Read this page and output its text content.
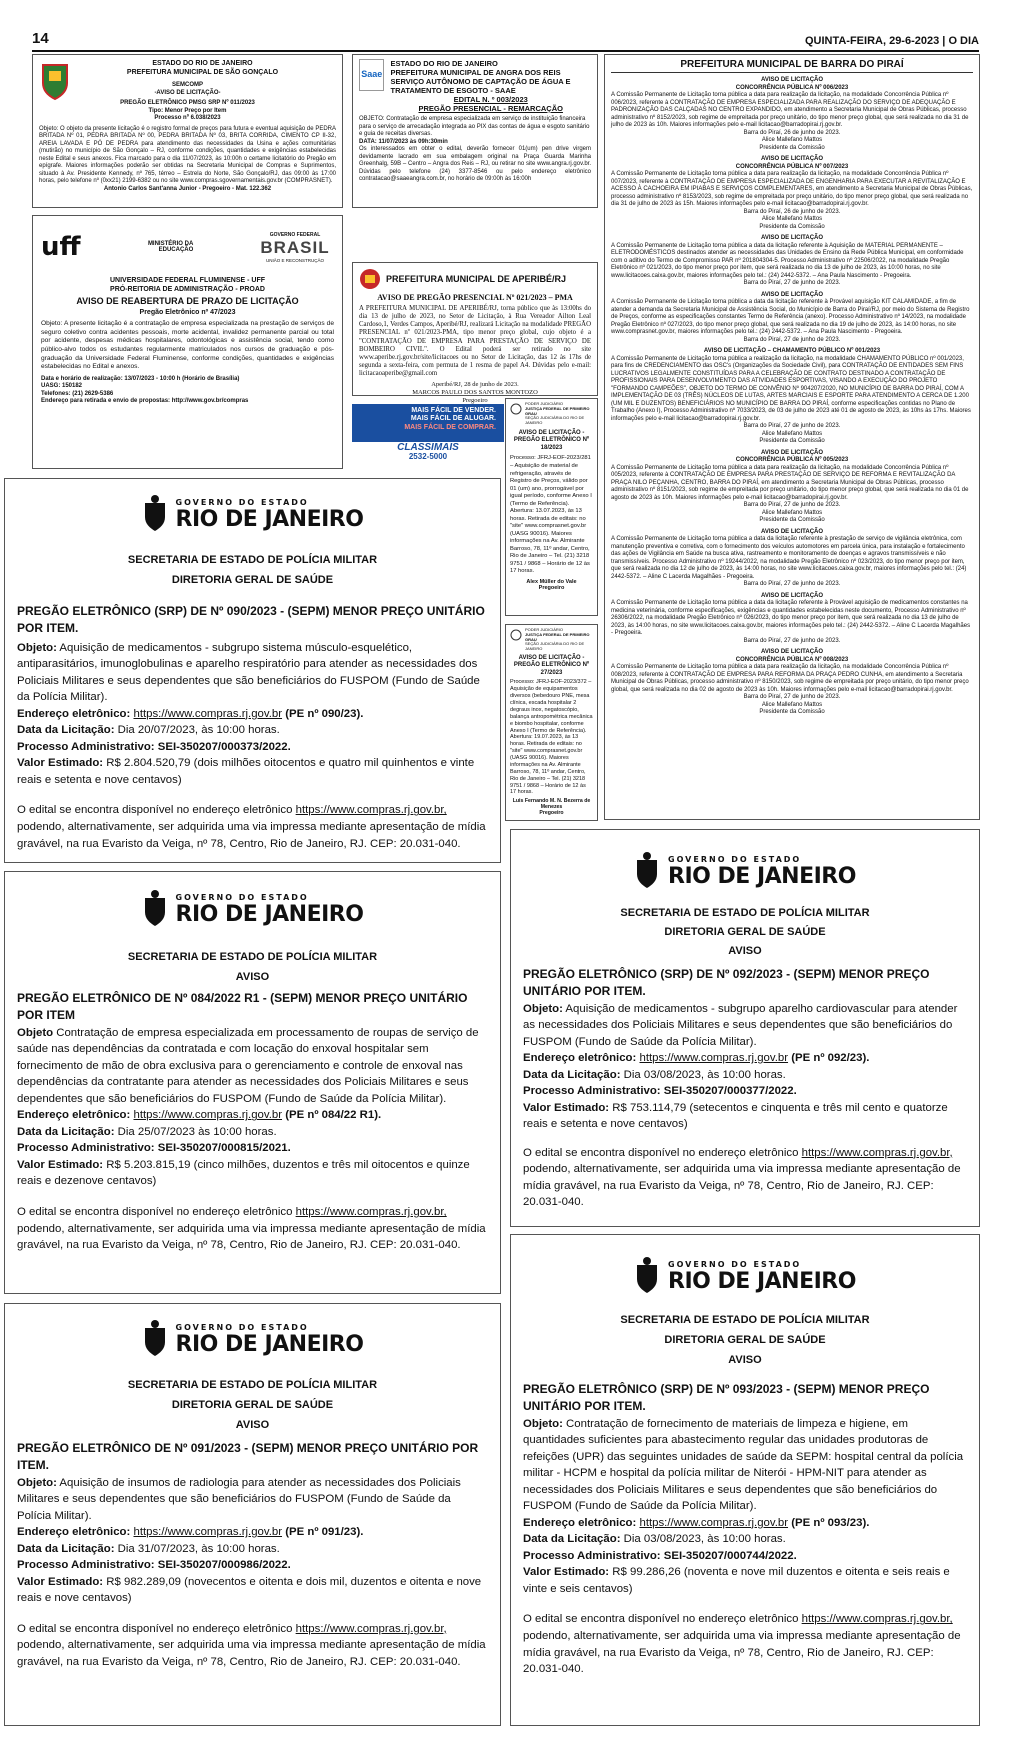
14	QUINTA-FEIRA, 29-6-2023 | O DIA
ESTADO DO RIO DE JANEIRO
PREFEITURA MUNICIPAL DE SÃO GONÇALO
SEMCOMP
-AVISO DE LICITAÇÃO-
PREGÃO ELETRÔNICO PMSG SRP Nº 011/2023
Tipo: Menor Preço por Item
Processo nº 6.038/2023
Objeto: O objeto da presente licitação é o registro formal de preços para futura e eventual aquisição de PEDRA BRITADA Nº 01, PEDRA BRITADA Nº 00, PEDRA BRITADA Nº 03, BRITA CORRIDA, CIMENTO CP II-32, AREIA LAVADA E PÓ DE PEDRA para atendimento das necessidades da Usina e ações comunitárias (mutirão) no município de São Gonçalo – RJ, conforme condições, quantidades e exigências estabelecidas neste Edital e seus anexos. Fica marcado para o dia 11/07/2023, às 10:00h o certame licitatório do Pregão em epígrafe. Maiores informações poderão ser obtidas na Secretaria Municipal de Compras e Suprimentos, situado à Av. Presidente Kennedy, nº 765, térreo – Estrela do Norte, São Gonçalo/RJ, das 09:00 às 17:00 horas, pelo telefone nº (0xx21) 2199-6382 ou no site www.compras.sgovernamentais.gov.br (COMPRASNET).
Antonio Carlos Sant'anna Junior - Pregoeiro - Mat. 122.362
Saae
ESTADO DO RIO DE JANEIRO
PREFEITURA MUNICIPAL DE ANGRA DOS REIS
SERVIÇO AUTÔNOMO DE CAPTAÇÃO DE ÁGUA E TRATAMENTO DE ESGOTO - SAAE
EDITAL N. º 003/2023
PREGÃO PRESENCIAL - REMARCAÇÃO
OBJETO: Contratação de empresa especializada em serviço de instituição financeira para o serviço de arrecadação integrada ao PIX das contas de água e esgoto sanitário e guia de receitas diversas.
DATA: 11/07/2023 às 09h:30min
Os interessados em obter o edital, deverão fornecer 01(um) pen drive virgem devidamente lacrado em sua embalagem original na Praça Guarda Marinha Greenhalg, 59B – Centro – Angra dos Reis – RJ, ou retirar no site www.angra.rj.gov.br. Dúvidas pelo telefone (24) 3377-8546 ou pelo endereço eletrônico contratacao@saaeangra.com.br, no horário de 09:00h às 16:00h
uff	MINISTÉRIO DA EDUCAÇÃO
GOVERNO FEDERAL
BRASIL
UNIÃO E RECONSTRUÇÃO
UNIVERSIDADE FEDERAL FLUMINENSE - UFF
PRÓ-REITORIA DE ADMINISTRAÇÃO - PROAD
AVISO DE REABERTURA DE PRAZO DE LICITAÇÃO
Pregão Eletrônico nº 47/2023
Objeto: A presente licitação é a contratação de empresa especializada na prestação de serviços de seguro coletivo contra acidentes pessoais, morte acidental, invalidez permanente parcial ou total por acidente, despesas médicas hospitalares, odontológicas e assistência social, tendo como público-alvo todos os estudantes regularmente matriculados nos cursos de graduação e pós-graduação da Universidade Federal Fluminense, conforme condições, quantidades e exigências estabelecidas no Edital e anexos.
Data e horário de realização: 13/07/2023 - 10:00 h (Horário de Brasília)
UASG: 150182
Telefones: (21) 2629-5386
Endereço para retirada e envio de propostas: http://www.gov.br/compras
PREFEITURA MUNICIPAL DE APERIBÉ/RJ
AVISO DE PREGÃO PRESENCIAL Nº 021/2023 – PMA
A PREFEITURA MUNICIPAL DE APERIBÉ/RJ, torna público que às 13:00hs do dia 13 de julho de 2023, no Setor de Licitação, à Rua Vereador Ailton Leal Cardoso,1, Verdes Campos, Aperibé/RJ, realizará Licitação na modalidade PREGÃO PRESENCIAL nº 021/2023-PMA, tipo menor preço global, cujo objeto é a "CONTRATAÇÃO DE EMPRESA PARA PRESTAÇÃO DE SERVIÇO DE BOMBEIRO CIVIL". O Edital poderá ser retirado no site www.aperibe.rj.gov.br/site/licitacoes ou no Setor de Licitação, das 12 às 17hs de segunda a sexta-feira, com permuta de 1 resma de papel A4. Dúvidas pelo e-mail: licitacaoaperibe@gmail.com
Aperibé/RJ, 28 de junho de 2023.
MARCOS PAULO DOS SANTOS MONTOZO
Pregoeiro
MAIS FÁCIL DE VENDER.
MAIS FÁCIL DE ALUGAR.
MAIS FÁCIL DE COMPRAR.
CLASSIMAIS
2532-5000
PODER JUDICIÁRIO
JUSTIÇA FEDERAL DE PRIMEIRO GRAU
SEÇÃO JUDICIÁRIA DO RIO DE JANEIRO
AVISO DE LICITAÇÃO - PREGÃO ELETRÔNICO Nº 18/2023
Processo: JFRJ-EOF-2023/281 – Aquisição de material de refrigeração, através de Registro de Preços, válido por 01 (um) ano, prorrogável por igual período, conforme Anexo I (Termo de Referência). Abertura: 13.07.2023, às 13 horas. Retirada de editais: no "site" www.comprasnet.gov.br (UASG 90016). Maiores informações na Av. Almirante Barroso, 78, 11º andar, Centro, Rio de Janeiro – Tel. (21) 3218 9751 / 9868 – Horário de 12 às 17 horas.
Alex Müller do Vale
Pregoeiro
PODER JUDICIÁRIO
JUSTIÇA FEDERAL DE PRIMEIRO GRAU
SEÇÃO JUDICIÁRIA DO RIO DE JANEIRO
AVISO DE LICITAÇÃO - PREGÃO ELETRÔNICO Nº 27/2023
Processo: JFRJ-EOF-2023/372 – Aquisição de equipamentos diversos (bebedouro PNE, mesa clínica, escada hospitalar 2 degraus inox, negatoscópio, balança antropométrica mecânica e biombo hospitalar, conforme Anexo I (Termo de Referência). Abertura: 19.07.2023, às 13 horas. Retirada de editais: no "site" www.comprasnet.gov.br (UASG 90016). Maiores informações na Av. Almirante Barroso, 78, 11º andar, Centro, Rio de Janeiro – Tel. (21) 3218 9751 / 9868 – Horário de 12 às 17 horas.
Luis Fernando M. N. Bezerra de Menezes
Pregoeiro
PREFEITURA MUNICIPAL DE BARRA DO PIRAÍ
AVISO DE LICITAÇÃO
CONCORRÊNCIA PÚBLICA Nº 006/2023
A Comissão Permanente de Licitação torna pública a data para realização da licitação, na modalidade Concorrência Pública nº 006/2023, referente à CONTRATAÇÃO DE EMPRESA ESPECIALIZADA PARA REALIZAÇÃO DO SERVIÇO DE ADEQUAÇÃO E PADRONIZAÇÃO DAS CALÇADAS NO CENTRO EXPANDIDO, em atendimento a Secretaria Municipal de Obras Públicas, processo administrativo nº 8152/2023, sob regime de empreitada por preço unitário, do tipo menor preço global, que será realizada no dia 31 de julho de 2023 às 10h. Maiores informações pelo e-mail licitacao@barradopirai.rj.gov.br.
Barra do Piraí, 26 de junho de 2023.
Alice Mallefano Mattos
Presidente da Comissão
AVISO DE LICITAÇÃO
CONCORRÊNCIA PÚBLICA Nº 007/2023
A Comissão Permanente de Licitação torna pública a data para realização da licitação, na modalidade Concorrência Pública nº 007/2023, referente à CONTRATAÇÃO DE EMPRESA ESPECIALIZADA DE ENGENHARIA PARA EXECUTAR A REVITALIZAÇÃO E ACESSO À CACHOEIRA EM IPIABAS E SERVIÇOS COMPLEMENTARES, em atendimento a Secretaria Municipal de Obras Públicas, processo administrativo nº 8153/2023, sob regime de empreitada por preço unitário, do tipo menor preço global, que será realizada no dia 31 de julho de 2023 às 15h. Maiores informações pelo e-mail licitacao@barradopirai.rj.gov.br.
Barra do Piraí, 26 de junho de 2023.
Alice Mallefano Mattos
Presidente da Comissão
AVISO DE LICITAÇÃO
A Comissão Permanente de Licitação torna pública a data da licitação referente à Aquisição de MATERIAL PERMANENTE – ELETRODOMÉSTICOS destinados atender as necessidades das Unidades de Ensino da Rede Pública Municipal, em conformidade com o aditivo do Termo de Compromisso PAR nº 201804304-5. Processo Administrativo nº 22506/2022, na modalidade Pregão Eletrônico nº 021/2023, do tipo menor preço por item, que será realizada no dia 13 de julho de 2023, às 10:00 horas, no site www.licitacoes.caixa.gov.br, maiores informações pelo tel.: (24) 2442-5372. – Ana Paula Nascimento - Pregoeira.
Barra do Piraí, 27 de junho de 2023.
AVISO DE LICITAÇÃO
A Comissão Permanente de Licitação torna pública a data da licitação referente à Provável aquisição KIT CALAMIDADE, a fim de atender a demanda da Secretaria Municipal de Assistência Social, do Município de Barra do Piraí/RJ, por meio do Sistema de Registro de Preços, conforme as especificações constantes Termo de Referência (anexo). Processo Administrativo nº 14/2023, na modalidade Pregão Eletrônico nº 027/2023, do tipo menor preço global, que será realizada no dia 19 de julho de 2023, às 14:00 horas, no site www.comprasnet.gov.br, maiores informações pelo tel.: (24) 2442-5372. – Ana Paula Nascimento - Pregoeira.
Barra do Piraí, 27 de junho de 2023.
AVISO DE LICITAÇÃO – CHAMAMENTO PÚBLICO Nº 001/2023
A Comissão Permanente de Licitação torna pública a realização da licitação, na modalidade CHAMAMENTO PÚBLICO nº 001/2023, para fins de CREDENCIAMENTO das OSC's (Organizações da Sociedade Civil), para CONTRATAÇÃO DE ENTIDADES SEM FINS LUCRATIVOS LEGALMENTE CONSTITUÍDAS PARA A CELEBRAÇÃO DE CONTRATO DESTINADO A CONTRATAÇÃO DE PROFISSIONAIS PARA DESENVOLVIMENTO DAS ATIVIDADES ESPORTIVAS, VISANDO A EXECUÇÃO DO PROJETO "FORMANDO CAMPEÕES", OBJETO DO TERMO DE CONVÊNIO Nº 904207/2020, NO MUNICÍPIO DE BARRA DO PIRAÍ, COM A IMPLEMENTAÇÃO DE 03 (TRÊS) NÚCLEOS DE LUTAS, ARTES MARCIAIS E ESPORTE PARA ATENDIMENTO A CERCA DE 1.200 (UM MIL E DUZENTOS) BENEFICIÁRIOS NO MUNICÍPIO DE BARRA DO PIRAÍ, conforme especificações contidas no Plano de Trabalho (Anexo I), Processo Administrativo nº 7033/2023, de 03 de julho de 2023 até 01 de agosto de 2023, às 10hs às 17hs. Maiores informações pelo e-mail licitacao@barradopirai.rj.gov.br.
Barra do Piraí, 27 de junho de 2023.
Alice Mallefano Mattos
Presidente da Comissão
AVISO DE LICITAÇÃO
CONCORRÊNCIA PÚBLICA Nº 005/2023
A Comissão Permanente de Licitação torna pública a data para realização da licitação, na modalidade Concorrência Pública nº 005/2023, referente à CONTRATAÇÃO DE EMPRESA PARA PRESTAÇÃO DE SERVIÇO DE REFORMA E REVITALIZAÇÃO DA PRAÇA NILO PEÇANHA, CENTRO, BARRA DO PIRAÍ, em atendimento a Secretaria Municipal de Obras Públicas, processo administrativo nº 8151/2023, sob regime de empreitada por preço unitário, do tipo menor preço global, que será realizada no dia 01 de agosto de 2023 às 10h. Maiores informações pelo e-mail licitacao@barradopirai.rj.gov.br.
Barra do Piraí, 27 de junho de 2023.
Alice Mallefano Mattos
Presidente da Comissão
AVISO DE LICITAÇÃO
A Comissão Permanente de Licitação torna pública a data da licitação referente à prestação de serviço de vigilância eletrônica, com manutenção preventiva e corretiva, com o fornecimento dos veículos automotores em parcela única, para instalação e fortalecimento das ações de Vigilância em Saúde na busca ativa, rastreamento e monitoramento de doenças e agravos transmissíveis e não transmissíveis. Processo Administrativo nº 19244/2022, na modalidade Pregão Eletrônico nº 023/2023, do tipo menor preço por item, que será realizada no dia 12 de julho de 2023, às 14:00 horas, no site www.licitacoes.caixa.gov.br, maiores informações pelo tel.: (24) 2442-5372. – Aline C Lacerda Magalhães - Pregoeira.
Barra do Piraí, 27 de junho de 2023.
AVISO DE LICITAÇÃO
A Comissão Permanente de Licitação torna pública a data da licitação referente à Provável aquisição de medicamentos constantes na medicina veterinária, conforme especificações, exigências e quantidades estabelecidas neste documento, Processo Administrativo nº 26306/2022, na modalidade Pregão Eletrônico nº 026/2023, do tipo menor preço por item, que será realizada no dia 13 de julho de 2023, às 14:00 horas, no site www.licitacoes.caixa.gov.br, maiores informações pelo tel.: (24) 2442-5372. – Aline C Lacerda Magalhães - Pregoeira.
Barra do Piraí, 27 de junho de 2023.
AVISO DE LICITAÇÃO
CONCORRÊNCIA PÚBLICA Nº 008/2023
A Comissão Permanente de Licitação torna pública a data para realização da licitação, na modalidade Concorrência Pública nº 008/2023, referente à CONTRATAÇÃO DE EMPRESA PARA REFORMA DA PRAÇA PEDRO CUNHA, em atendimento a Secretaria Municipal de Obras Públicas, processo administrativo nº 8150/2023, sob regime de empreitada por preço unitário, do tipo menor preço global, que será realizada no dia 02 de agosto de 2023 às 10h. Maiores informações pelo e-mail licitacao@barradopirai.rj.gov.br.
Barra do Piraí, 27 de junho de 2023.
Alice Mallefano Mattos
Presidente da Comissão
GOVERNO DO ESTADO
RIO DE JANEIRO
SECRETARIA DE ESTADO DE POLÍCIA MILITAR
DIRETORIA GERAL DE SAÚDE
PREGÃO ELETRÔNICO (SRP) DE Nº 090/2023 - (SEPM) MENOR PREÇO UNITÁRIO POR ITEM.
Objeto: Aquisição de medicamentos - subgrupo sistema músculo-esquelético, antiparasitários, imunoglobulinas e aparelho respiratório para atender as necessidades dos Policiais Militares e seus dependentes que são beneficiários do FUSPOM (Fundo de Saúde da Polícia Militar).
Endereço eletrônico: https://www.compras.rj.gov.br (PE nº 090/23).
Data da Licitação: Dia 20/07/2023, às 10:00 horas.
Processo Administrativo: SEI-350207/000373/2022.
Valor Estimado: R$ 2.804.520,79 (dois milhões oitocentos e quatro mil quinhentos e vinte reais e setenta e nove centavos)
O edital se encontra disponível no endereço eletrônico https://www.compras.rj.gov.br, podendo, alternativamente, ser adquirida uma via impressa mediante apresentação de mídia gravável, na rua Evaristo da Veiga, nº 78, Centro, Rio de Janeiro, RJ. CEP: 20.031-040.
GOVERNO DO ESTADO
RIO DE JANEIRO
SECRETARIA DE ESTADO DE POLÍCIA MILITAR
AVISO
PREGÃO ELETRÔNICO DE Nº 084/2022 R1 - (SEPM) MENOR PREÇO UNITÁRIO POR ITEM
Objeto Contratação de empresa especializada em processamento de roupas de serviço de saúde nas dependências da contratada e com locação do enxoval hospitalar sem fornecimento de mão de obra exclusiva para o gerenciamento e controle de enxoval nas dependências da contratante para atender as necessidades dos Policiais Militares e seus dependentes que são beneficiários do FUSPOM (Fundo de Saúde da Polícia Militar).
Endereço eletrônico: https://www.compras.rj.gov.br (PE nº 084/22 R1).
Data da Licitação: Dia 25/07/2023 às 10:00 horas.
Processo Administrativo: SEI-350207/000815/2021.
Valor Estimado: R$ 5.203.815,19 (cinco milhões, duzentos e três mil oitocentos e quinze reais e dezenove centavos)
O edital se encontra disponível no endereço eletrônico https://www.compras.rj.gov.br, podendo, alternativamente, ser adquirida uma via impressa mediante apresentação de mídia gravável, na rua Evaristo da Veiga, nº 78, Centro, Rio de Janeiro, RJ. CEP: 20.031-040.
GOVERNO DO ESTADO
RIO DE JANEIRO
SECRETARIA DE ESTADO DE POLÍCIA MILITAR
DIRETORIA GERAL DE SAÚDE
AVISO
PREGÃO ELETRÔNICO DE Nº 091/2023 - (SEPM) MENOR PREÇO UNITÁRIO POR ITEM.
Objeto: Aquisição de insumos de radiologia para atender as necessidades dos Policiais Militares e seus dependentes que são beneficiários do FUSPOM (Fundo de Saúde da Polícia Militar).
Endereço eletrônico: https://www.compras.rj.gov.br (PE nº 091/23).
Data da Licitação: Dia 31/07/2023, às 10:00 horas.
Processo Administrativo: SEI-350207/000986/2022.
Valor Estimado: R$ 982.289,09 (novecentos e oitenta e dois mil, duzentos e oitenta e nove reais e nove centavos)
O edital se encontra disponível no endereço eletrônico https://www.compras.rj.gov.br, podendo, alternativamente, ser adquirida uma via impressa mediante apresentação de mídia gravável, na rua Evaristo da Veiga, nº 78, Centro, Rio de Janeiro, RJ. CEP: 20.031-040.
GOVERNO DO ESTADO
RIO DE JANEIRO
SECRETARIA DE ESTADO DE POLÍCIA MILITAR
DIRETORIA GERAL DE SAÚDE
AVISO
PREGÃO ELETRÔNICO (SRP) DE Nº 092/2023 - (SEPM) MENOR PREÇO UNITÁRIO POR ITEM.
Objeto: Aquisição de medicamentos - subgrupo aparelho cardiovascular para atender as necessidades dos Policiais Militares e seus dependentes que são beneficiários do FUSPOM (Fundo de Saúde da Polícia Militar).
Endereço eletrônico: https://www.compras.rj.gov.br (PE nº 092/23).
Data da Licitação: Dia 03/08/2023, às 10:00 horas.
Processo Administrativo: SEI-350207/000377/2022.
Valor Estimado: R$ 753.114,79 (setecentos e cinquenta e três mil cento e quatorze reais e setenta e nove centavos)
O edital se encontra disponível no endereço eletrônico https://www.compras.rj.gov.br, podendo, alternativamente, ser adquirida uma via impressa mediante apresentação de mídia gravável, na rua Evaristo da Veiga, nº 78, Centro, Rio de Janeiro, RJ. CEP: 20.031-040.
GOVERNO DO ESTADO
RIO DE JANEIRO
SECRETARIA DE ESTADO DE POLÍCIA MILITAR
DIRETORIA GERAL DE SAÚDE
AVISO
PREGÃO ELETRÔNICO (SRP) DE Nº 093/2023 - (SEPM) MENOR PREÇO UNITÁRIO POR ITEM.
Objeto: Contratação de fornecimento de materiais de limpeza e higiene, em quantidades suficientes para abastecimento regular das unidades produtoras de refeições (UPR) das seguintes unidades de saúde da SEPM: hospital central da polícia militar - HCPM e hospital da polícia militar de Niterói - HPM-NIT para atender as necessidades dos Policiais Militares e seus dependentes que são beneficiários do FUSPOM (Fundo de Saúde da Polícia Militar).
Endereço eletrônico: https://www.compras.rj.gov.br (PE nº 093/23).
Data da Licitação: Dia 03/08/2023, às 10:00 horas.
Processo Administrativo: SEI-350207/000744/2022.
Valor Estimado: R$ 99.286,26 (noventa e nove mil duzentos e oitenta e seis reais e vinte e seis centavos)
O edital se encontra disponível no endereço eletrônico https://www.compras.rj.gov.br, podendo, alternativamente, ser adquirida uma via impressa mediante apresentação de mídia gravável, na rua Evaristo da Veiga, nº 78, Centro, Rio de Janeiro, RJ. CEP: 20.031-040.
